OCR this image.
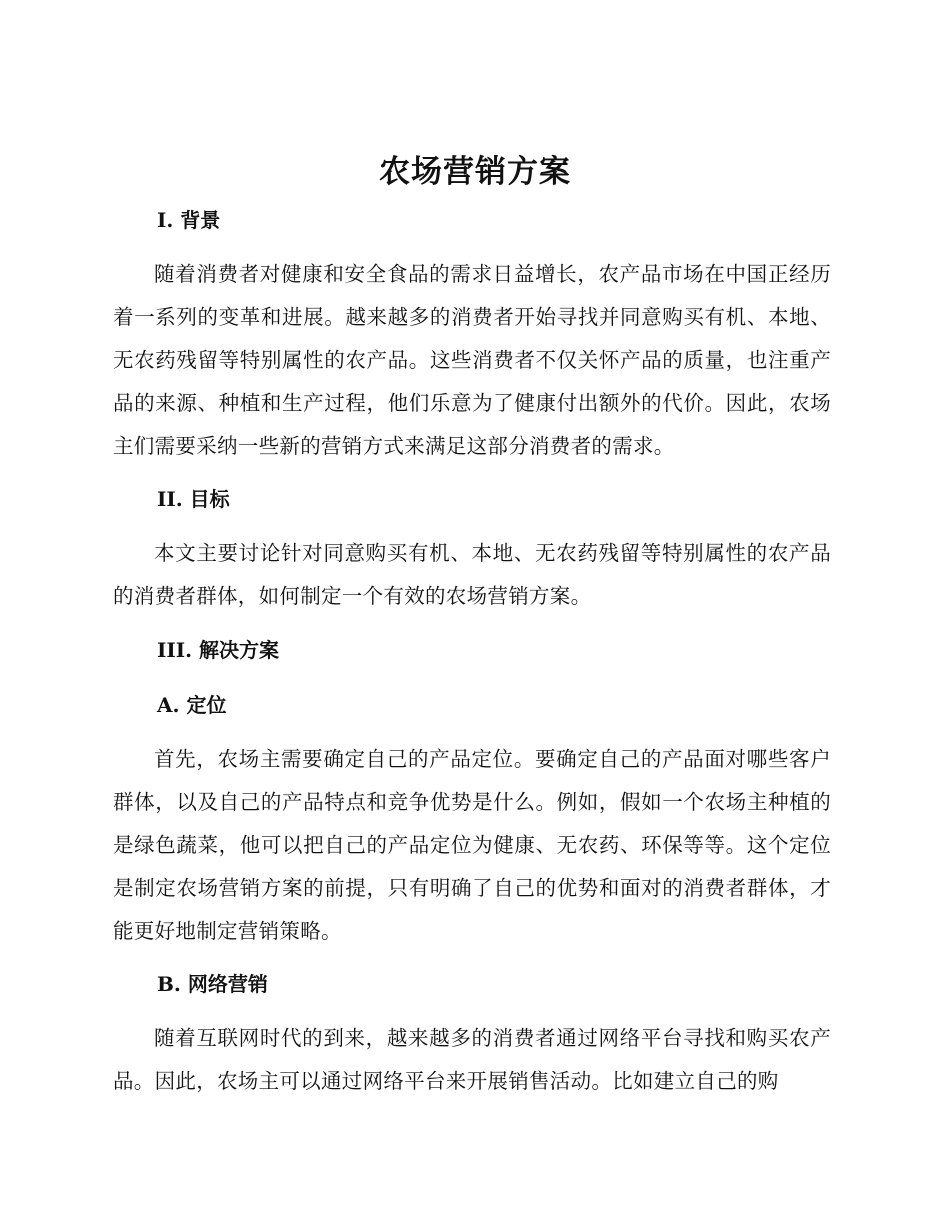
农场营销方案
I. 背景
随着消费者对健康和安全食品的需求日益增长，农产品市场在中国正经历着一系列的变革和进展。越来越多的消费者开始寻找并同意购买有机、本地、无农药残留等特别属性的农产品。这些消费者不仅关怀产品的质量，也注重产品的来源、种植和生产过程，他们乐意为了健康付出额外的代价。因此，农场主们需要采纳一些新的营销方式来满足这部分消费者的需求。
II. 目标
本文主要讨论针对同意购买有机、本地、无农药残留等特别属性的农产品的消费者群体，如何制定一个有效的农场营销方案。
III. 解决方案
A. 定位
首先，农场主需要确定自己的产品定位。要确定自己的产品面对哪些客户群体，以及自己的产品特点和竞争优势是什么。例如，假如一个农场主种植的是绿色蔬菜，他可以把自己的产品定位为健康、无农药、环保等等。这个定位是制定农场营销方案的前提，只有明确了自己的优势和面对的消费者群体，才能更好地制定营销策略。
B. 网络营销
随着互联网时代的到来，越来越多的消费者通过网络平台寻找和购买农产品。因此，农场主可以通过网络平台来开展销售活动。比如建立自己的购
